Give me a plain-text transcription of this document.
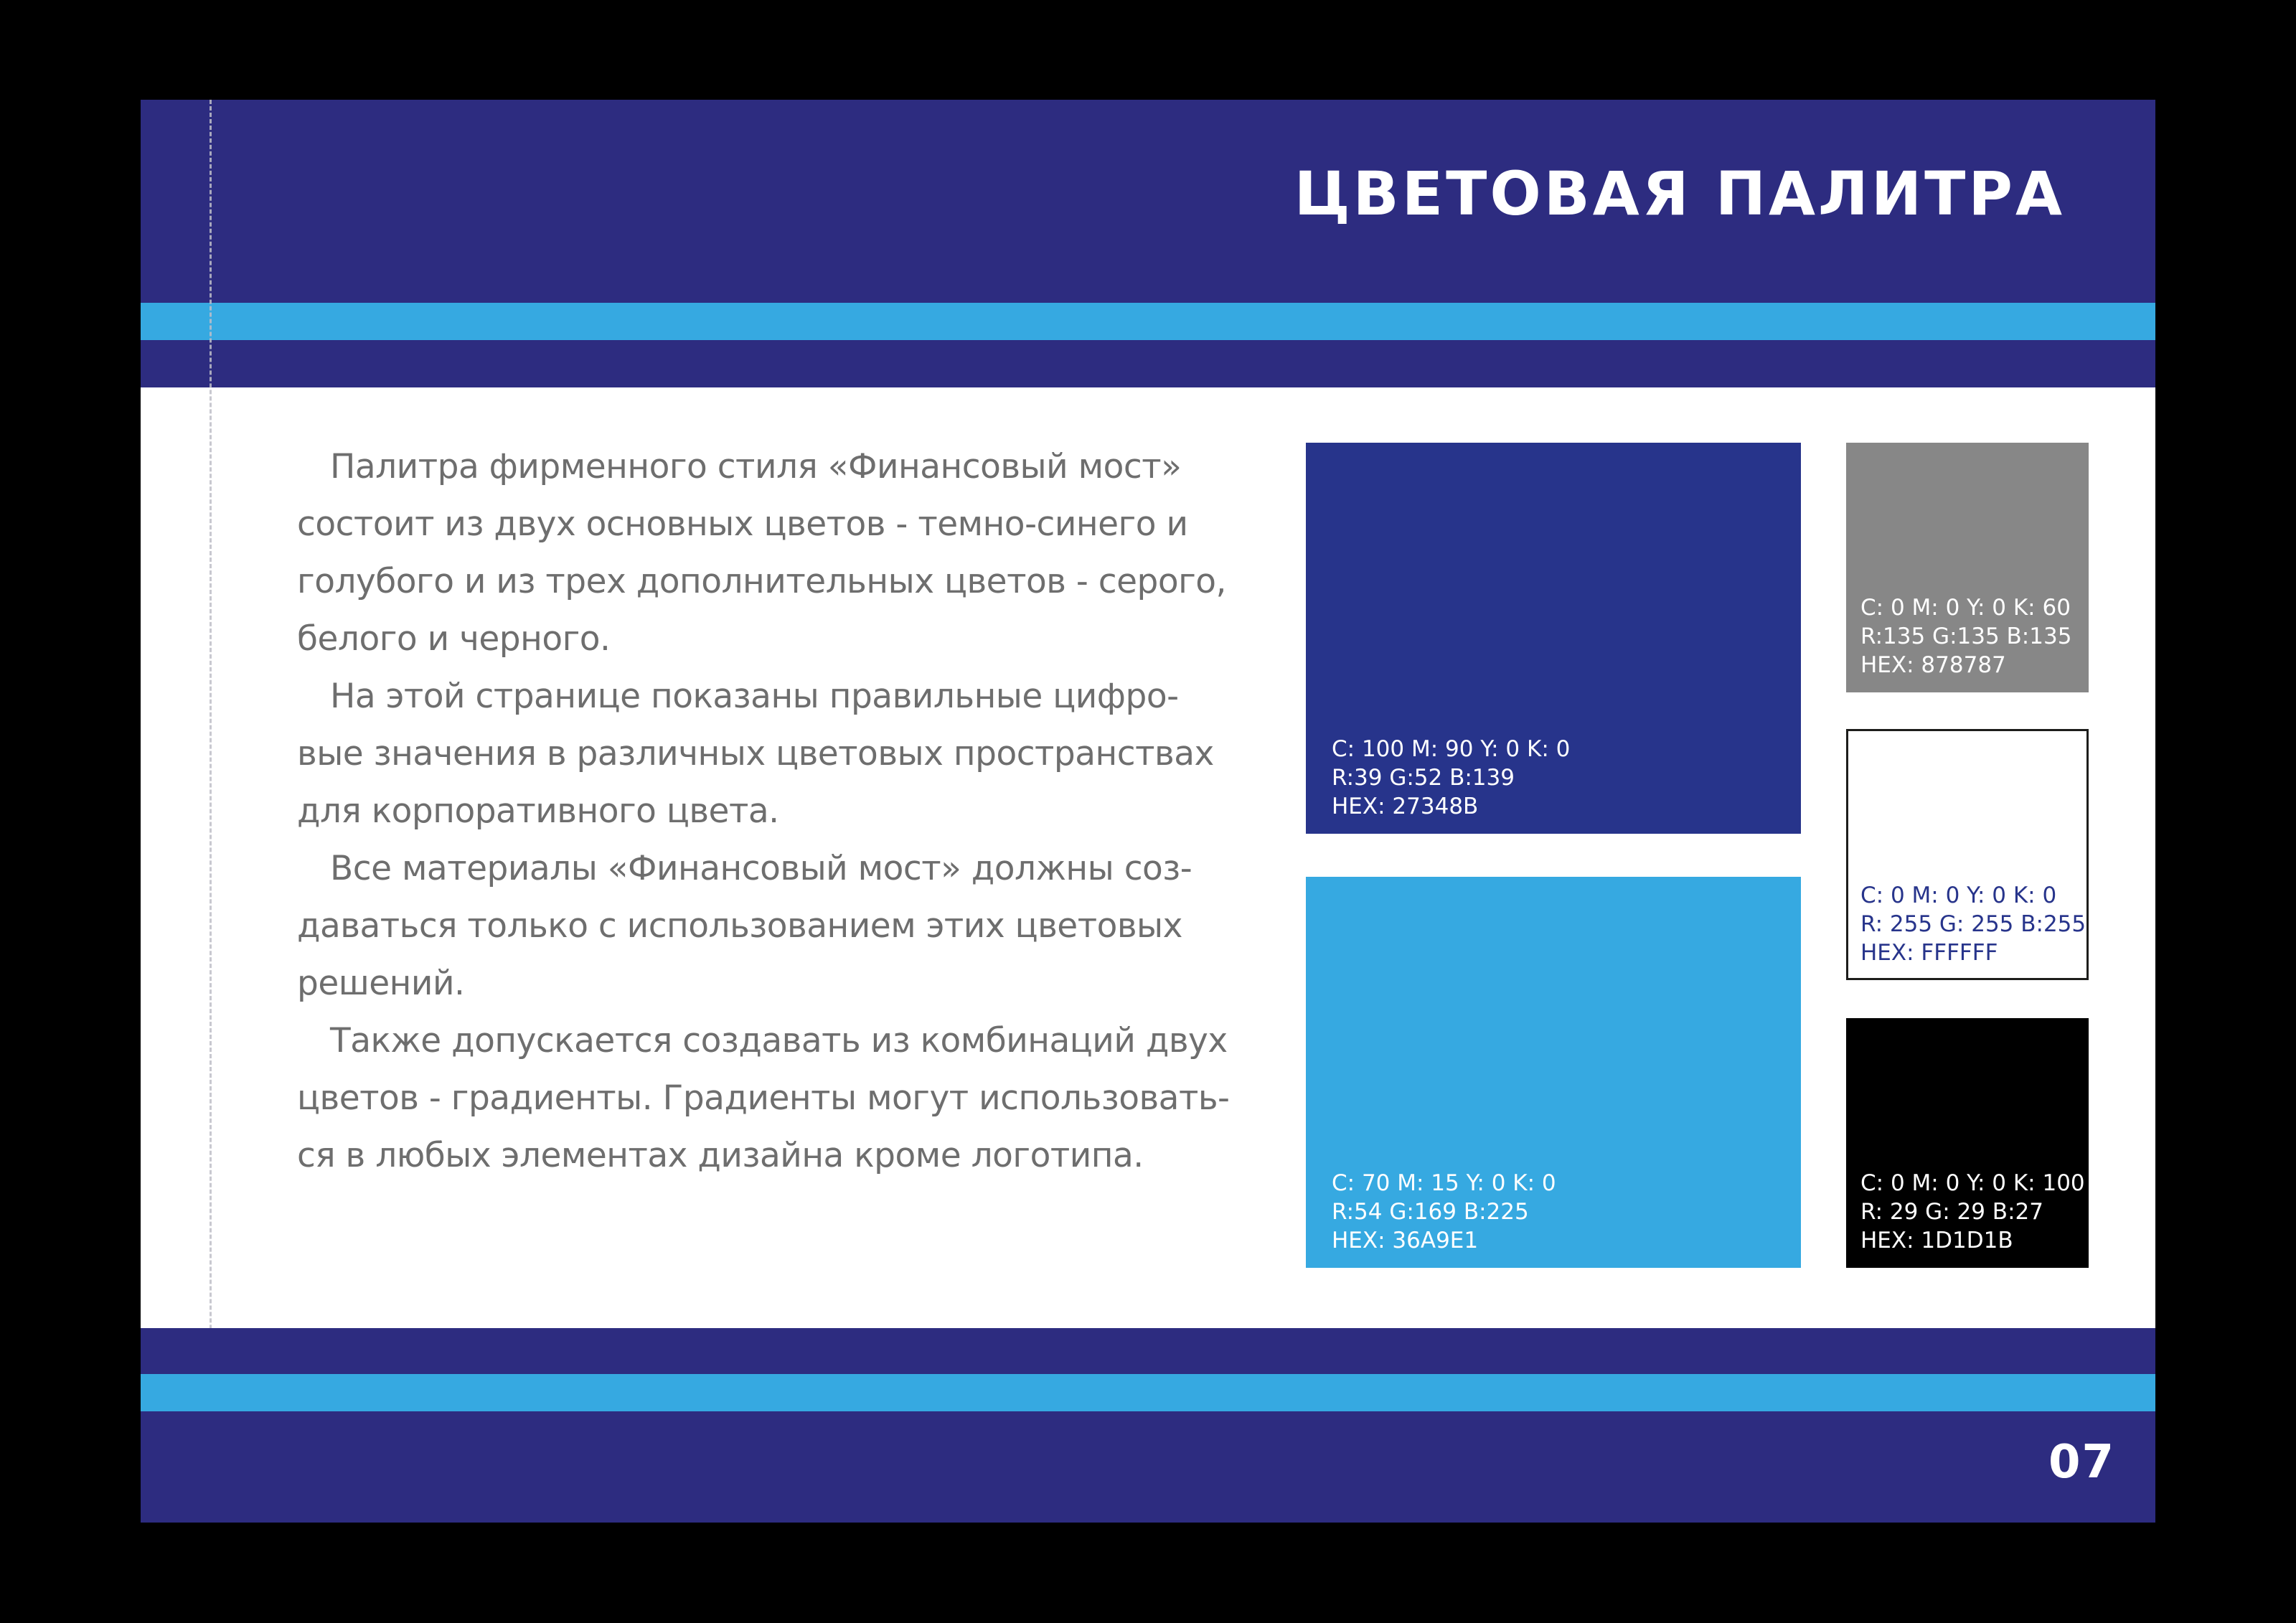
ЦВЕТОВАЯ ПАЛИТРА

Палитра фирменного стиля «Финансовый мост» состоит из двух основных цветов - темно-синего и голубого и из трех дополнительных цветов - серого, белого и черного.

На этой странице показаны правильные цифро-вые значения в различных цветовых пространствах для корпоративного цвета.

Все материалы «Финансовый мост» должны соз-даваться только с использованием этих цветовых решений.

Также допускается создавать из комбинаций двух цветов - градиенты. Градиенты могут использовать-ся в любых элементах дизайна кроме логотипа.

C: 100 M: 90 Y: 0 K: 0
R:39 G:52 B:139
HEX: 27348B
C: 70 M: 15 Y: 0 K: 0
R:54 G:169 B:225
HEX: 36A9E1
C: 0 M: 0 Y: 0 K: 60
R:135 G:135 B:135
HEX: 878787
C: 0 M: 0 Y: 0 K: 0
R: 255 G: 255 B:255
HEX: FFFFFF
C: 0 M: 0 Y: 0 K: 100
R: 29 G: 29 B:27
HEX: 1D1D1B
07
